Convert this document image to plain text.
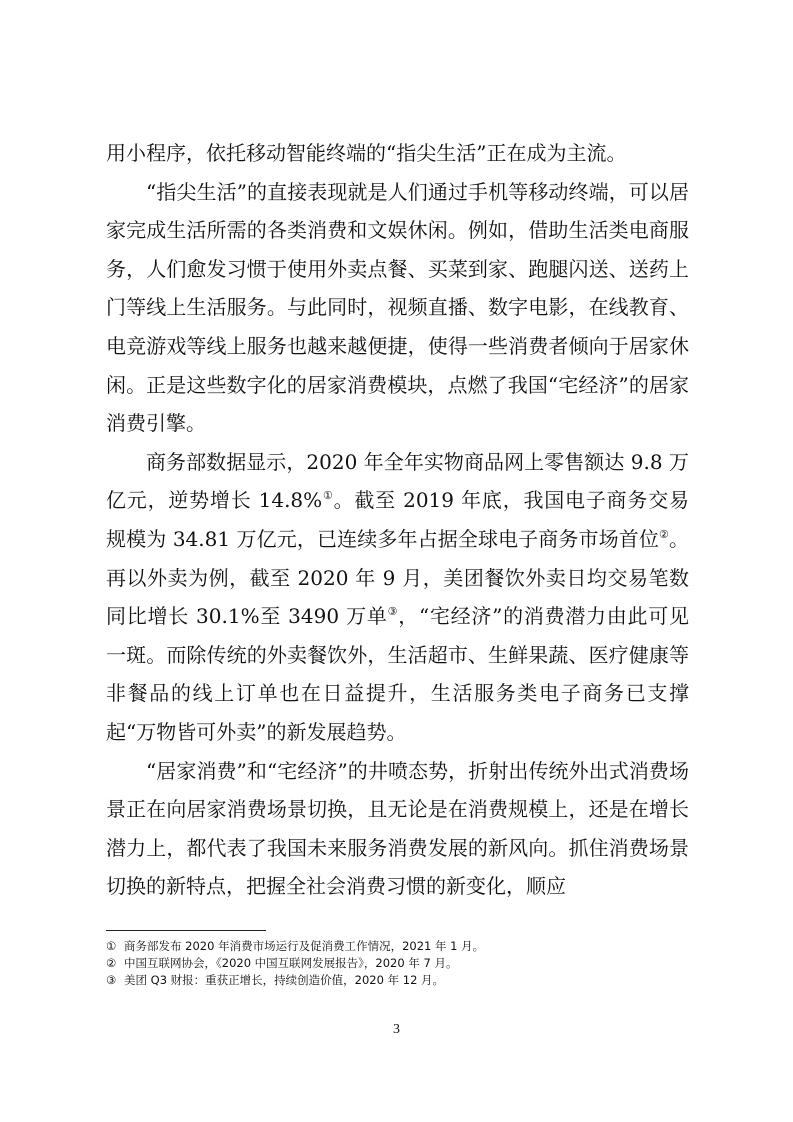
用小程序，依托移动智能终端的“指尖生活”正在成为主流。

“指尖生活”的直接表现就是人们通过手机等移动终端，可以居家完成生活所需的各类消费和文娱休闲。例如，借助生活类电商服务，人们愈发习惯于使用外卖点餐、买菜到家、跑腿闪送、送药上门等线上生活服务。与此同时，视频直播、数字电影，在线教育、电竞游戏等线上服务也越来越便捷，使得一些消费者倾向于居家休闲。正是这些数字化的居家消费模块，点燃了我国“宅经济”的居家消费引擎。

商务部数据显示，2020 年全年实物商品网上零售额达 9.8 万亿元，逆势增长 14.8%①。截至 2019 年底，我国电子商务交易规模为 34.81 万亿元，已连续多年占据全球电子商务市场首位②。再以外卖为例，截至 2020 年 9 月，美团餐饮外卖日均交易笔数同比增长 30.1%至 3490 万单③，“宅经济”的消费潜力由此可见一斑。而除传统的外卖餐饮外，生活超市、生鲜果蔬、医疗健康等非餐品的线上订单也在日益提升，生活服务类电子商务已支撑起“万物皆可外卖”的新发展趋势。

“居家消费”和“宅经济”的井喷态势，折射出传统外出式消费场景正在向居家消费场景切换，且无论是在消费规模上，还是在增长潜力上，都代表了我国未来服务消费发展的新风向。抓住消费场景切换的新特点，把握全社会消费习惯的新变化，顺应

① 商务部发布 2020 年消费市场运行及促消费工作情况，2021 年 1 月。
② 中国互联网协会，《2020 中国互联网发展报告》，2020 年 7 月。
③ 美团 Q3 财报：重获正增长，持续创造价值，2020 年 12 月。
3
